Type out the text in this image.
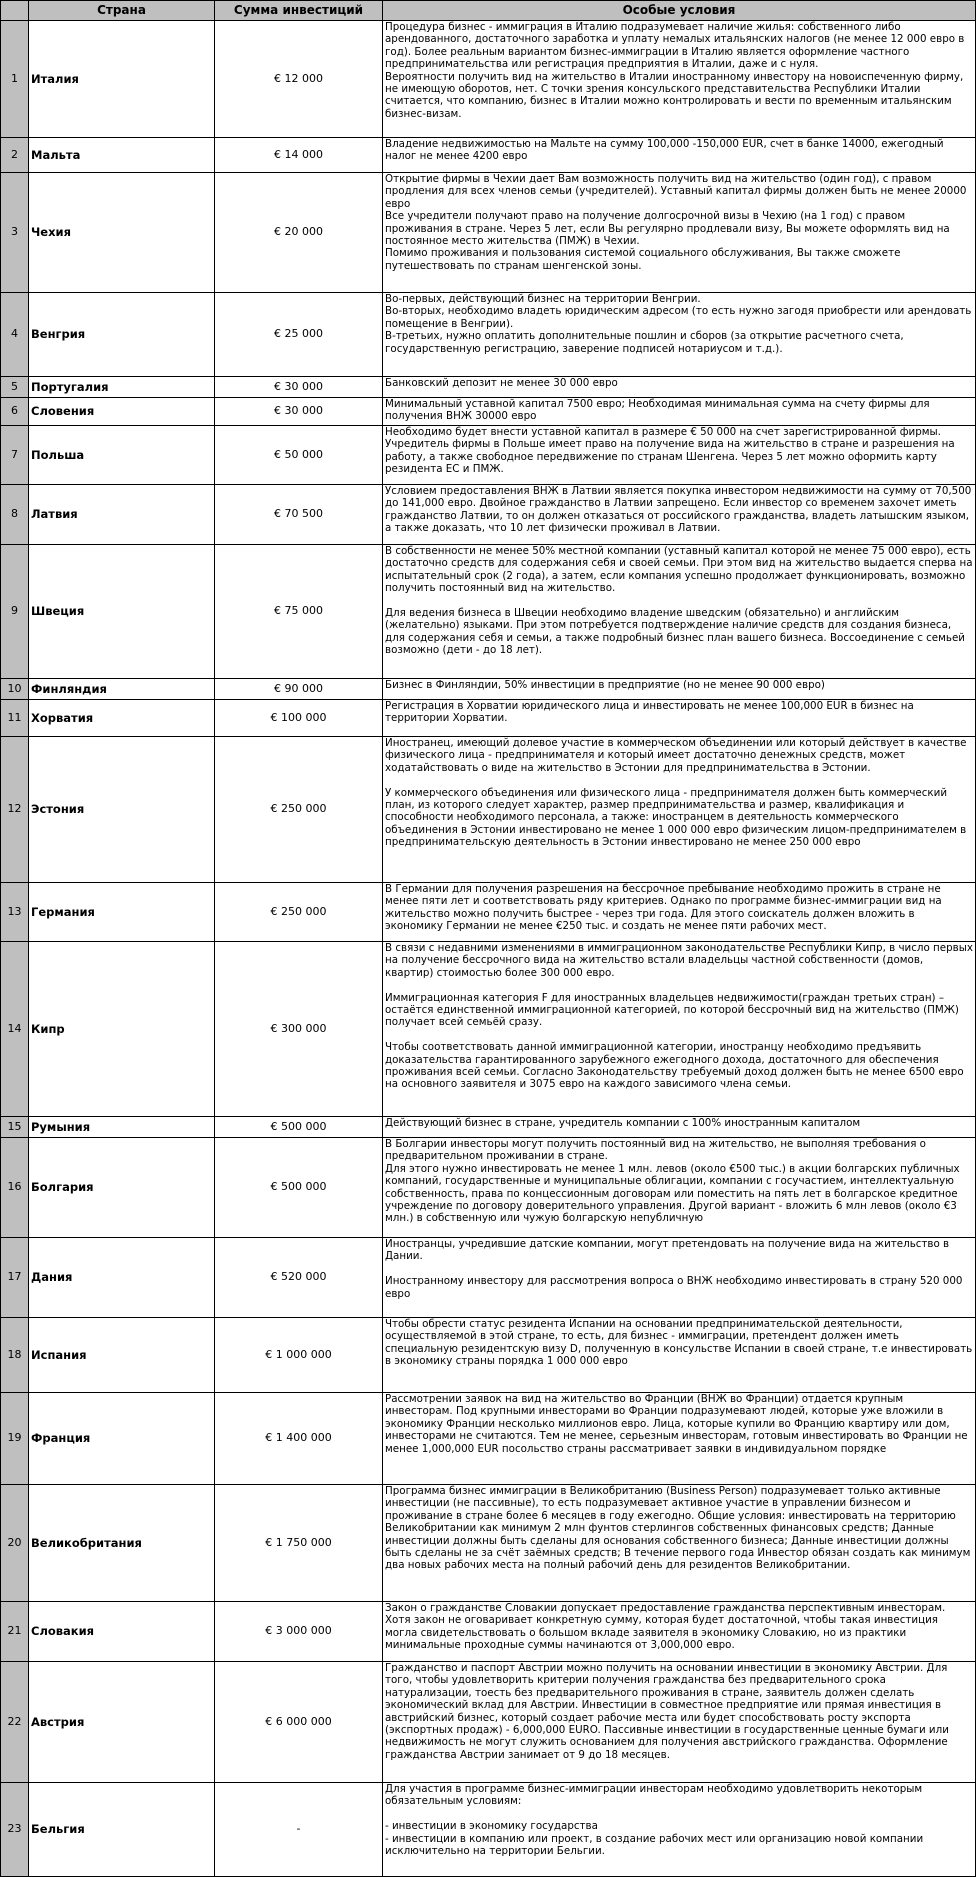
	Страна	Сумма инвестиций	Особые условия
1	Италия	€ 12 000	Процедура бизнес - иммиграция в Италию подразумевает наличие жилья: собственного либо арендованного, достаточного заработка и уплату немалых итальянских налогов (не менее 12 000 евро в год). Более реальным вариантом бизнес-иммиграции в Италию является оформление частного предпринимательства или регистрация предприятия в Италии, даже и с нуля.
Вероятности получить вид на жительство в Италии иностранному инвестору на новоиспеченную фирму, не имеющую оборотов, нет. С точки зрения консульского представительства Республики Италии считается, что компанию, бизнес в Италии можно контролировать и вести по временным итальянским бизнес-визам.

2	Мальта	€ 14 000	Владение недвижимостью на Мальте на сумму 100,000 -150,000 EUR, счет в банке 14000, ежегодный налог не менее 4200 евро

3	Чехия	€ 20 000	Открытие фирмы в Чехии дает Вам возможность получить вид на жительство (один год), с правом продления для всех членов семьи (учредителей). Уставный капитал фирмы должен быть не менее 20000 евро
Все учредители получают право на получение долгосрочной визы в Чехию (на 1 год) с правом проживания в стране. Через 5 лет, если Вы регулярно продлевали визу, Вы можете оформлять вид на постоянное место жительства (ПМЖ) в Чехии.
Помимо проживания и пользования системой социального обслуживания, Вы также сможете путешествовать по странам шенгенской зоны.

4	Венгрия	€ 25 000	Во-первых, действующий бизнес на территории Венгрии.
Во-вторых, необходимо владеть юридическим адресом (то есть нужно загодя приобрести или арендовать помещение в Венгрии).
В-третьих, нужно оплатить дополнительные пошлин и сборов (за открытие расчетного счета, государственную регистрацию, заверение подписей нотариусом и т.д.).

5	Португалия	€ 30 000	Банковский депозит не менее 30 000 евро

6	Словения	€ 30 000	Минимальный уставной капитал 7500 евро; Необходимая минимальная сумма на счету фирмы для получения ВНЖ 30000 евро

7	Польша	€ 50 000	Необходимо будет внести уставной капитал в размере € 50 000 на счет зарегистрированной фирмы. Учредитель фирмы в Польше имеет право на получение вида на жительство в стране и разрешения на работу, а также свободное передвижение по странам Шенгена. Через 5 лет можно оформить карту резидента ЕС и ПМЖ.

8	Латвия	€ 70 500	Условием предоставления ВНЖ в Латвии является покупка инвестором недвижимости на сумму от 70,500 до 141,000 евро. Двойное гражданство в Латвии запрещено. Если инвестор со временем захочет иметь гражданство Латвии, то он должен отказаться от российского гражданства, владеть латышским языком, а также доказать, что 10 лет физически проживал в Латвии.

9	Швеция	€ 75 000	В собственности не менее 50% местной компании (уставный капитал которой не менее 75 000 евро), есть достаточно средств для содержания себя и своей семьи. При этом вид на жительство выдается сперва на испытательный срок (2 года), а затем, если компания успешно продолжает функционировать, возможно получить постоянный вид на жительство.

Для ведения бизнеса в Швеции необходимо владение шведским (обязательно) и английским (желательно) языками. При этом потребуется подтверждение наличие средств для создания бизнеса, для содержания себя и семьи, а также подробный бизнес план вашего бизнеса. Воссоединение с семьей возможно (дети - до 18 лет).

10	Финляндия	€ 90 000	Бизнес в Финляндии, 50% инвестиции в предприятие (но не менее 90 000 евро)

11	Хорватия	€ 100 000	Регистрация в Хорватии юридического лица и инвестировать не менее 100,000 EUR в бизнес на территории Хорватии.

12	Эстония	€ 250 000	Иностранец, имеющий долевое участие в коммерческом объединении или который действует в качестве физического лица - предпринимателя и который имеет достаточно денежных средств, может ходатайствовать о виде на жительство в Эстонии для предпринимательства в Эстонии.

У коммерческого объединения или физического лица - предпринимателя должен быть коммерческий план, из которого следует характер, размер предпринимательства и размер, квалификация и способности необходимого персонала, а также: иностранцем в деятельность коммерческого объединения в Эстонии инвестировано не менее 1 000 000 евро физическим лицом-предпринимателем в предпринимательскую деятельность в Эстонии инвестировано не менее 250 000 евро

13	Германия	€ 250 000	В Германии для получения разрешения на бессрочное пребывание необходимо прожить в стране не менее пяти лет и соответствовать ряду критериев. Однако по программе бизнес-иммиграции вид на жительство можно получить быстрее - через три года. Для этого соискатель должен вложить в экономику Германии не менее €250 тыс. и создать не менее пяти рабочих мест.

14	Кипр	€ 300 000	В связи с недавними изменениями в иммиграционном законодательстве Республики Кипр, в число первых на получение бессрочного вида на жительство встали владельцы частной собственности (домов, квартир) стоимостью более 300 000 евро.

Иммиграционная категория F для иностранных владельцев недвижимости(граждан третьих стран) – остаётся единственной иммиграционной категорией, по которой бессрочный вид на жительство (ПМЖ) получает всей семьёй сразу.

Чтобы соответствовать данной иммиграционной категории, иностранцу необходимо предъявить доказательства гарантированного зарубежного ежегодного дохода, достаточного для обеспечения проживания всей семьи. Согласно Законодательству требуемый доход должен быть не менее 6500 евро на основного заявителя и 3075 евро на каждого зависимого члена семьи.

15	Румыния	€ 500 000	Действующий бизнес в стране, учредитель компании с 100% иностранным капиталом

16	Болгария	€ 500 000	В Болгарии инвесторы могут получить постоянный вид на жительство, не выполняя требования о предварительном проживании в стране.
Для этого нужно инвестировать не менее 1 млн. левов (около €500 тыс.) в акции болгарских публичных компаний, государственные и муниципальные облигации, компании с госучастием, интеллектуальную собственность, права по концессионным договорам или поместить на пять лет в болгарское кредитное учреждение по договору доверительного управления. Другой вариант - вложить 6 млн левов (около €3 млн.) в собственную или чужую болгарскую непубличную

17	Дания	€ 520 000	Иностранцы, учредившие датские компании, могут претендовать на получение вида на жительство в Дании.

Иностранному инвестору для рассмотрения вопроса о ВНЖ необходимо инвестировать в страну 520 000 евро

18	Испания	€ 1 000 000	Чтобы обрести статус резидента Испании на основании предпринимательской деятельности, осуществляемой в этой стране, то есть, для бизнес - иммиграции, претендент должен иметь специальную резидентскую визу D, полученную в консульстве Испании в своей стране, т.е инвестировать в экономику страны порядка 1 000 000 евро

19	Франция	€ 1 400 000	Рассмотрении заявок на вид на жительство во Франции (ВНЖ во Франции) отдается крупным инвесторам. Под крупными инвесторами во Франции подразумевают людей, которые уже вложили в экономику Франции несколько миллионов евро. Лица, которые купили во Францию квартиру или дом, инвесторами не считаются. Тем не менее, серьезным инвесторам, готовым инвестировать во Франции не менее 1,000,000 EUR посольство страны рассматривает заявки в индивидуальном порядке

20	Великобритания	€ 1 750 000	Программа бизнес иммиграции в Великобританию (Business Person) подразумевает только активные инвестиции (не пассивные), то есть подразумевает активное участие в управлении бизнесом и проживание в стране более 6 месяцев в году ежегодно. Общие условия: инвестировать на территорию Великобритании как минимум 2 млн фунтов стерлингов собственных финансовых средств; Данные инвестиции должны быть сделаны для основания собственного бизнеса; Данные инвестиции должны быть сделаны не за счёт заёмных средств; В течение первого года Инвестор обязан создать как минимум два новых рабочих места на полный рабочий день для резидентов Великобритании.

21	Словакия	€ 3 000 000	Закон о гражданстве Словакии допускает предоставление гражданства перспективным инвесторам. Хотя закон не оговаривает конкретную сумму, которая будет достаточной, чтобы такая инвестиция могла свидетельствовать о большом вкладе заявителя в экономику Словакию, но из практики минимальные проходные суммы начинаются от 3,000,000 евро.

22	Австрия	€ 6 000 000	Гражданство и паспорт Австрии можно получить на основании инвестиции в экономику Австрии. Для того, чтобы удовлетворить критерии получения гражданства без предварительного срока натурализации, тоесть без предварительного проживания в стране, заявитель должен сделать экономический вклад для Австрии. Инвестиции в совместное предприятие или прямая инвестиция в австрийский бизнес, который создает рабочие места или будет способствовать росту экспорта (экспортных продаж) - 6,000,000 EURO. Пассивные инвестиции в государственные ценные бумаги или недвижимость не могут служить основанием для получения австрийского гражданства. Оформление гражданства Австрии занимает от 9 до 18 месяцев.

23	Бельгия	-	Для участия в программе бизнес-иммиграции инвесторам необходимо удовлетворить некоторым обязательным условиям:

- инвестиции в экономику государства
- инвестиции в компанию или проект, в создание рабочих мест или организацию новой компании исключительно на территории Бельгии.
